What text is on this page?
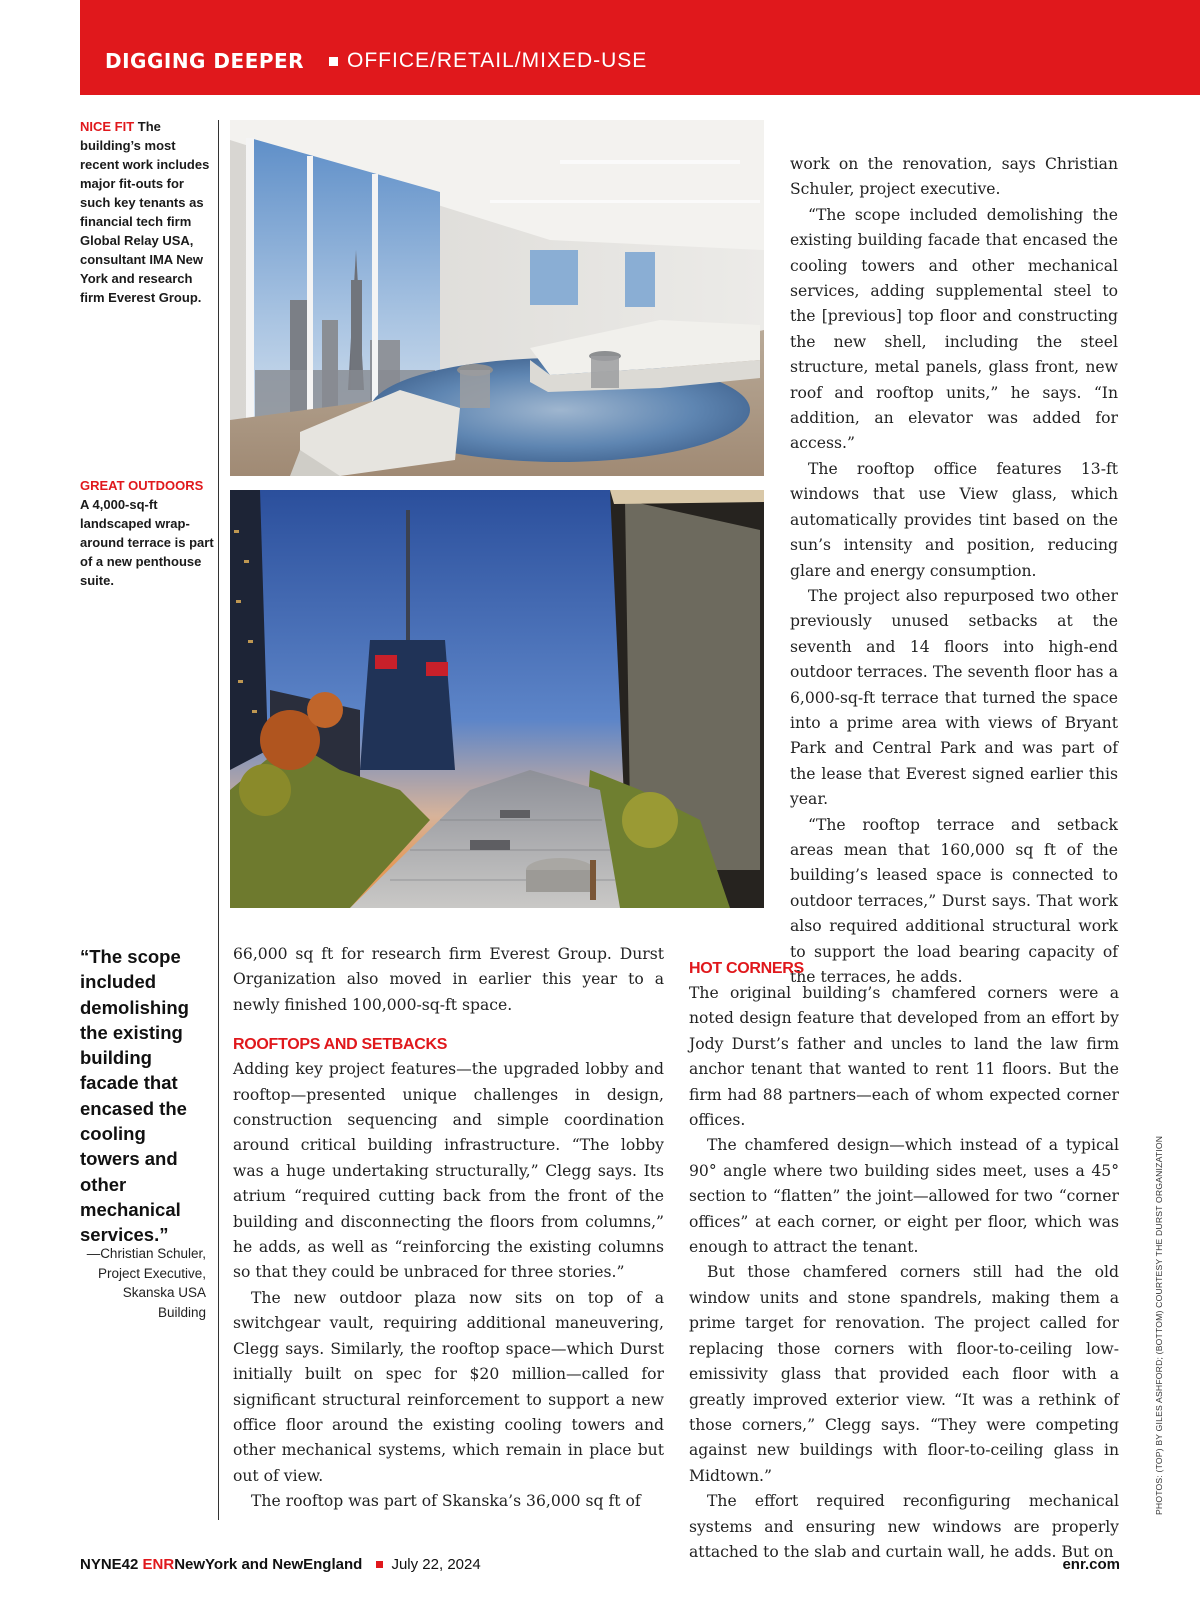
DIGGING DEEPER OFFICE/RETAIL/MIXED-USE
NICE FIT The building’s most recent work includes major fit-outs for such key tenants as financial tech firm Global Relay USA, consultant IMA New York and research firm Everest Group.
GREAT OUTDOORS A 4,000-sq-ft landscaped wrap-around terrace is part of a new penthouse suite.

work on the renovation, says Christian Schuler, project executive.

“The scope included demolishing the existing building facade that encased the cooling towers and other mechanical services, adding supplemental steel to the [previous] top floor and constructing the new shell, including the steel structure, metal panels, glass front, new roof and rooftop units,” he says. “In addition, an elevator was added for access.”

The rooftop office features 13-ft windows that use View glass, which automatically provides tint based on the sun’s intensity and position, reducing glare and energy consumption.

The project also repurposed two other previously unused setbacks at the seventh and 14 floors into high-end outdoor terraces. The seventh floor has a 6,000-sq-ft terrace that turned the space into a prime area with views of Bryant Park and Central Park and was part of the lease that Everest signed earlier this year.

“The rooftop terrace and setback areas mean that 160,000 sq ft of the building’s leased space is connected to outdoor terraces,” Durst says. That work also required additional structural work to support the load bearing capacity of the terraces, he adds.

“The scope included demolishing the existing building facade that encased the cooling towers and other mechanical services.”
—Christian Schuler, Project Executive, Skanska USA Building

66,000 sq ft for research firm Everest Group. Durst Organization also moved in earlier this year to a newly finished 100,000-sq-ft space.

ROOFTOPS AND SETBACKS

Adding key project features—the upgraded lobby and rooftop—presented unique challenges in design, construction sequencing and simple coordination around critical building infrastructure. “The lobby was a huge undertaking structurally,” Clegg says. Its atrium “required cutting back from the front of the building and disconnecting the floors from columns,” he adds, as well as “reinforcing the existing columns so that they could be unbraced for three stories.”

The new outdoor plaza now sits on top of a switchgear vault, requiring additional maneuvering, Clegg says. Similarly, the rooftop space—which Durst initially built on spec for $20 million—called for significant structural reinforcement to support a new office floor around the existing cooling towers and other mechanical systems, which remain in place but out of view.

The rooftop was part of Skanska’s 36,000 sq ft of

HOT CORNERS

The original building’s chamfered corners were a noted design feature that developed from an effort by Jody Durst’s father and uncles to land the law firm anchor tenant that wanted to rent 11 floors. But the firm had 88 partners—each of whom expected corner offices.

The chamfered design—which instead of a typical 90° angle where two building sides meet, uses a 45° section to “flatten” the joint—allowed for two “corner offices” at each corner, or eight per floor, which was enough to attract the tenant.

But those chamfered corners still had the old window units and stone spandrels, making them a prime target for renovation. The project called for replacing those corners with floor-to-ceiling low-emissivity glass that provided each floor with a greatly improved exterior view. “It was a rethink of those corners,” Clegg says. “They were competing against new buildings with floor-to-ceiling glass in Midtown.”

The effort required reconfiguring mechanical systems and ensuring new windows are properly attached to the slab and curtain wall, he adds. But on

PHOTOS: (TOP) BY GILES ASHFORD; (BOTTOM) COURTESY THE DURST ORGANIZATION
NYNE42 ENRNewYork and NewEngland July 22, 2024	enr.com
